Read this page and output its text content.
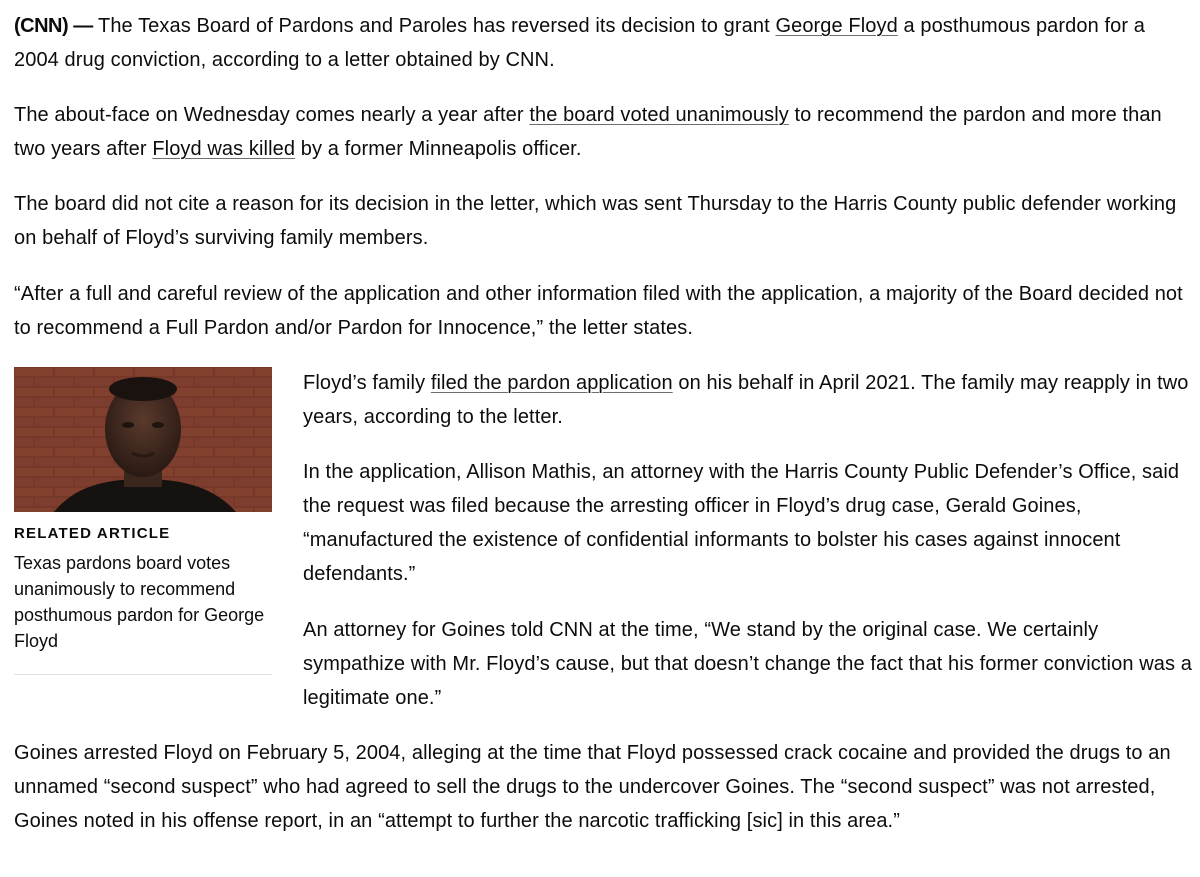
(CNN) — The Texas Board of Pardons and Paroles has reversed its decision to grant George Floyd a posthumous pardon for a 2004 drug conviction, according to a letter obtained by CNN.

The about-face on Wednesday comes nearly a year after the board voted unanimously to recommend the pardon and more than two years after Floyd was killed by a former Minneapolis officer.

The board did not cite a reason for its decision in the letter, which was sent Thursday to the Harris County public defender working on behalf of Floyd’s surviving family members.

“After a full and careful review of the application and other information filed with the application, a majority of the Board decided not to recommend a Full Pardon and/or Pardon for Innocence,” the letter states.

RELATED ARTICLE
Texas pardons board votes unanimously to recommend posthumous pardon for George Floyd

Floyd’s family filed the pardon application on his behalf in April 2021. The family may reapply in two years, according to the letter.

In the application, Allison Mathis, an attorney with the Harris County Public Defender’s Office, said the request was filed because the arresting officer in Floyd’s drug case, Gerald Goines, “manufactured the existence of confidential informants to bolster his cases against innocent defendants.”

An attorney for Goines told CNN at the time, “We stand by the original case. We certainly sympathize with Mr. Floyd’s cause, but that doesn’t change the fact that his former conviction was a legitimate one.”

Goines arrested Floyd on February 5, 2004, alleging at the time that Floyd possessed crack cocaine and provided the drugs to an unnamed “second suspect” who had agreed to sell the drugs to the undercover Goines. The “second suspect” was not arrested, Goines noted in his offense report, in an “attempt to further the narcotic trafficking [sic] in this area.”
